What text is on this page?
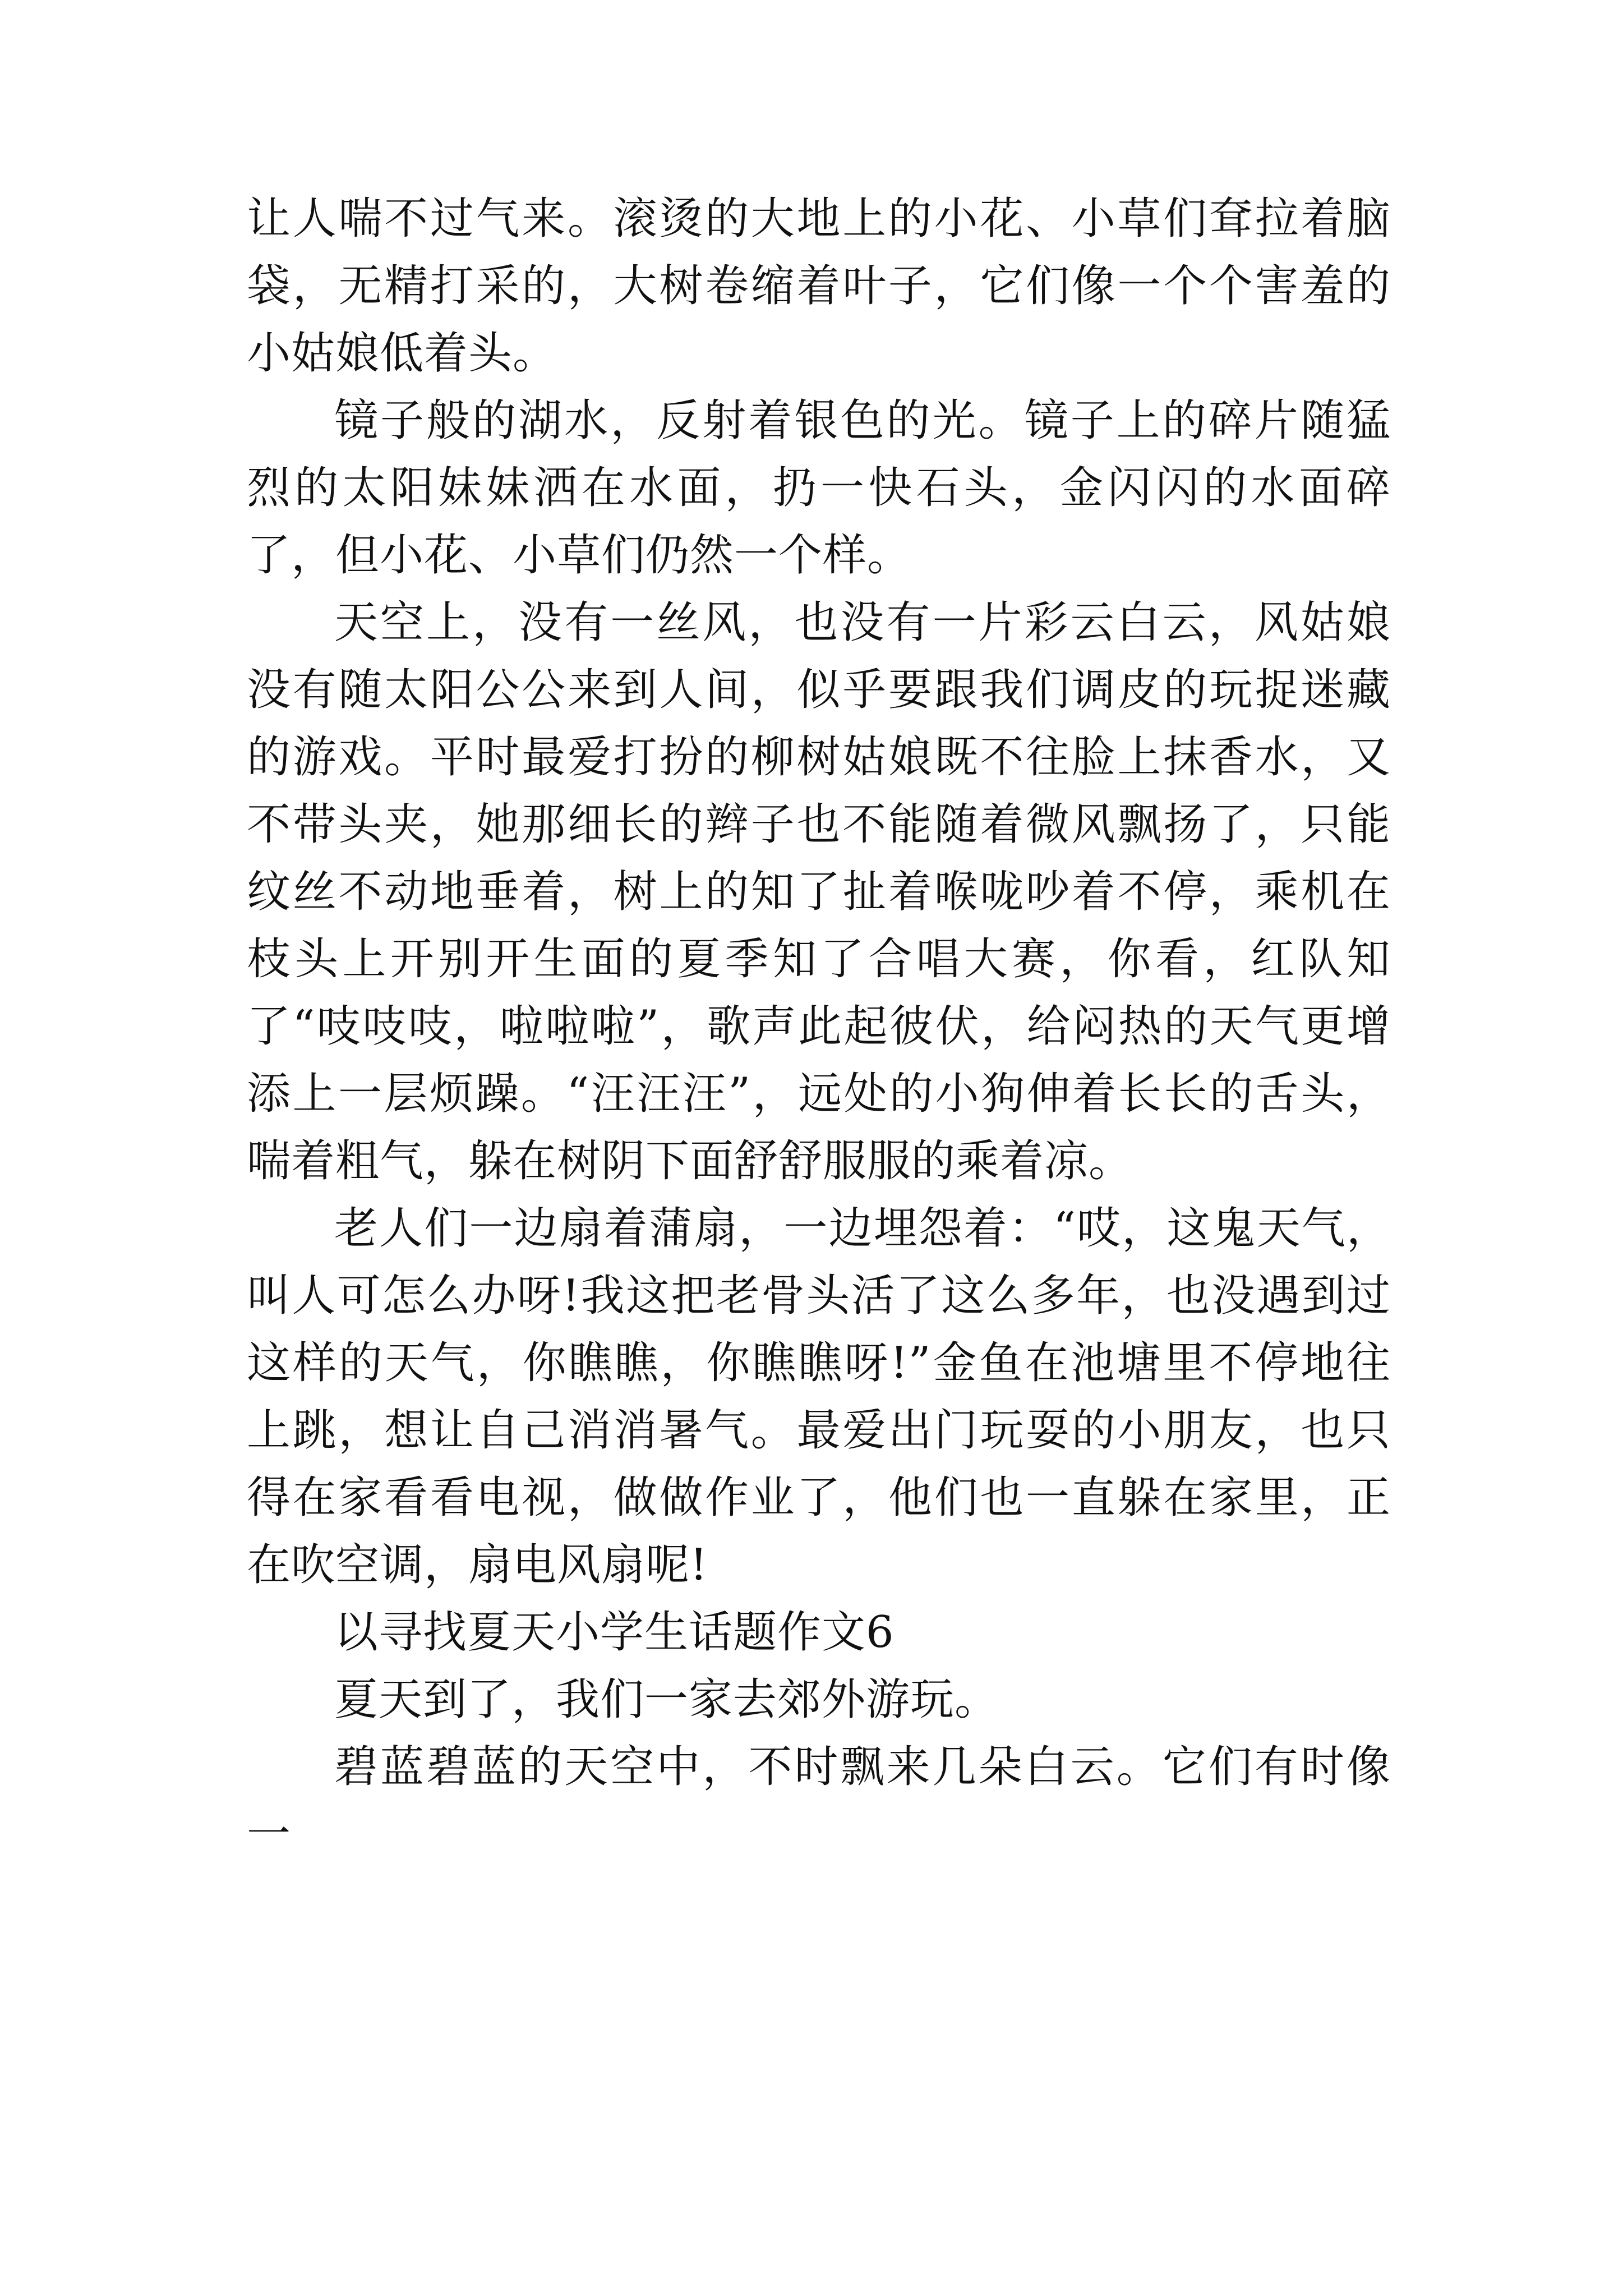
让人喘不过气来。滚烫的大地上的小花、小草们耷拉着脑袋，无精打采的，大树卷缩着叶子，它们像一个个害羞的小姑娘低着头。

镜子般的湖水，反射着银色的光。镜子上的碎片随猛烈的太阳妹妹洒在水面，扔一快石头，金闪闪的水面碎了，但小花、小草们仍然一个样。

天空上，没有一丝风，也没有一片彩云白云，风姑娘没有随太阳公公来到人间，似乎要跟我们调皮的玩捉迷藏的游戏。平时最爱打扮的柳树姑娘既不往脸上抹香水，又不带头夹，她那细长的辫子也不能随着微风飘扬了，只能纹丝不动地垂着，树上的知了扯着喉咙吵着不停，乘机在枝头上开别开生面的夏季知了合唱大赛，你看，红队知了“吱吱吱，啦啦啦”，歌声此起彼伏，给闷热的天气更增添上一层烦躁。“汪汪汪”，远处的小狗伸着长长的舌头，喘着粗气，躲在树阴下面舒舒服服的乘着凉。

老人们一边扇着蒲扇，一边埋怨着：“哎，这鬼天气，叫人可怎么办呀!我这把老骨头活了这么多年，也没遇到过这样的天气，你瞧瞧，你瞧瞧呀!”金鱼在池塘里不停地往上跳，想让自己消消暑气。最爱出门玩耍的小朋友，也只得在家看看电视，做做作业了，他们也一直躲在家里，正在吹空调，扇电风扇呢!

以寻找夏天小学生话题作文6

夏天到了，我们一家去郊外游玩。

碧蓝碧蓝的天空中，不时飘来几朵白云。它们有时像一
